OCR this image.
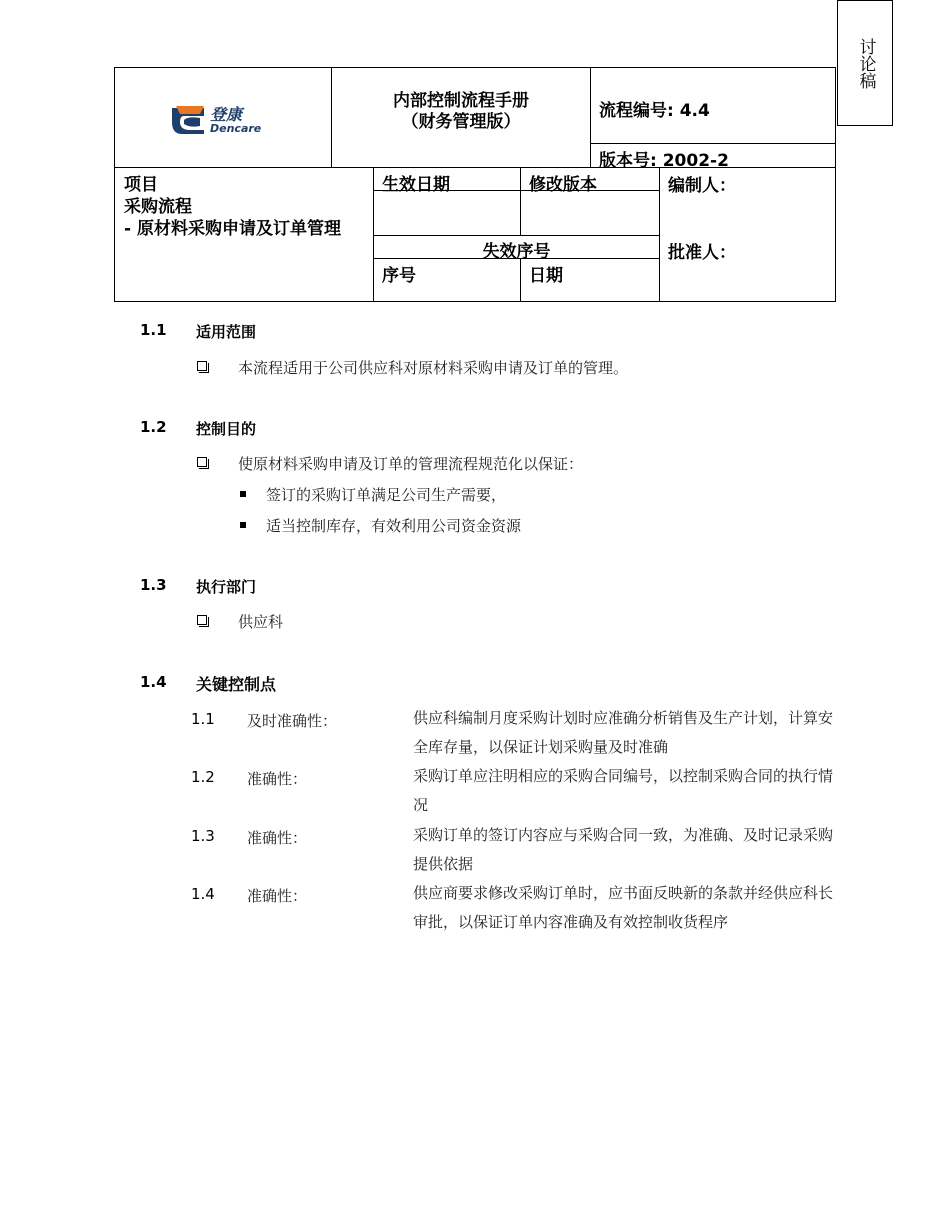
讨论稿
登康
Dencare
内部控制流程手册
（财务管理版）
流程编号: 4.4
版本号: 2002-2
项目
采购流程
- 原材料采购申请及订单管理
生效日期	修改版本	编制人：
失效序号	批准人：
序号	日期
1.1 适用范围
本流程适用于公司供应科对原材料采购申请及订单的管理。
1.2 控制目的
使原材料采购申请及订单的管理流程规范化以保证：
签订的采购订单满足公司生产需要，
适当控制库存，有效利用公司资金资源
1.3 执行部门
供应科
1.4 关键控制点
1.1 及时准确性：	供应科编制月度采购计划时应准确分析销售及生产计划，计算安全库存量，以保证计划采购量及时准确
1.2 准确性：	采购订单应注明相应的采购合同编号，以控制采购合同的执行情况
1.3 准确性：	采购订单的签订内容应与采购合同一致，为准确、及时记录采购提供依据
1.4 准确性：	供应商要求修改采购订单时，应书面反映新的条款并经供应科长审批，以保证订单内容准确及有效控制收货程序
